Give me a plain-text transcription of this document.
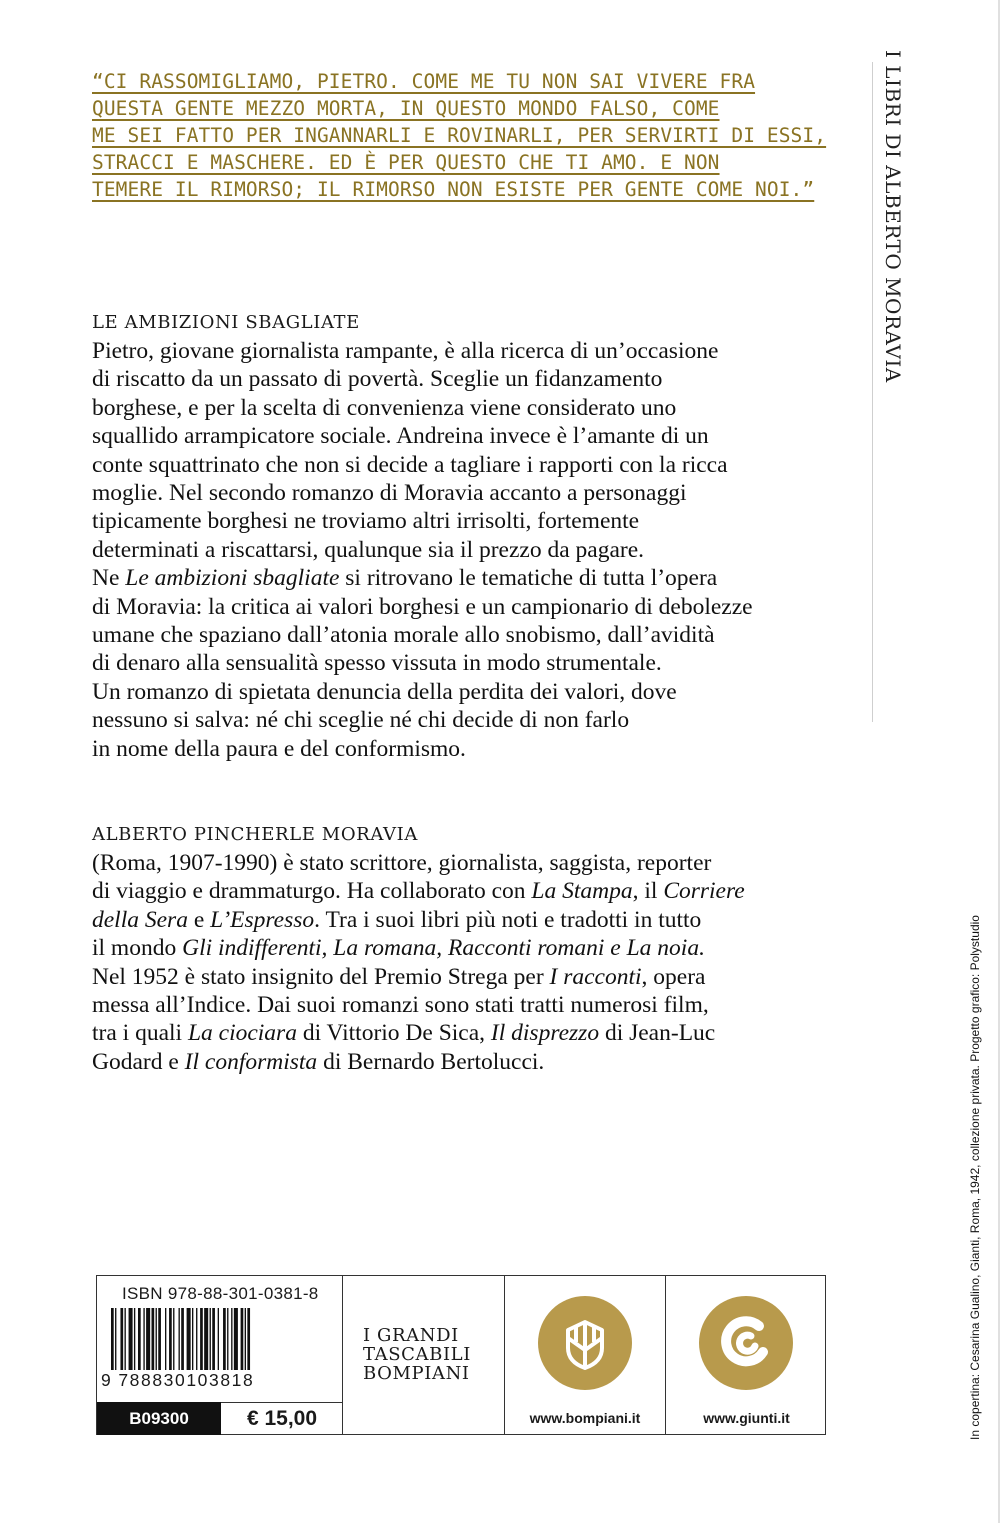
“CI RASSOMIGLIAMO, PIETRO. COME ME TU NON SAI VIVERE FRA
QUESTA GENTE MEZZO MORTA, IN QUESTO MONDO FALSO, COME
ME SEI FATTO PER INGANNARLI E ROVINARLI, PER SERVIRTI DI ESSI,
STRACCI E MASCHERE. ED È PER QUESTO CHE TI AMO. E NON
TEMERE IL RIMORSO; IL RIMORSO NON ESISTE PER GENTE COME NOI.”	I LIBRI DI ALBERTO MORAVIA
LE AMBIZIONI SBAGLIATE
Pietro, giovane giornalista rampante, è alla ricerca di un’occasione
di riscatto da un passato di povertà. Sceglie un fidanzamento
borghese, e per la scelta di convenienza viene considerato uno
squallido arrampicatore sociale. Andreina invece è l’amante di un
conte squattrinato che non si decide a tagliare i rapporti con la ricca
moglie. Nel secondo romanzo di Moravia accanto a personaggi
tipicamente borghesi ne troviamo altri irrisolti, fortemente
determinati a riscattarsi, qualunque sia il prezzo da pagare.
Ne Le ambizioni sbagliate si ritrovano le tematiche di tutta l’opera
di Moravia: la critica ai valori borghesi e un campionario di debolezze
umane che spaziano dall’atonia morale allo snobismo, dall’avidità
di denaro alla sensualità spesso vissuta in modo strumentale.
Un romanzo di spietata denuncia della perdita dei valori, dove
nessuno si salva: né chi sceglie né chi decide di non farlo
in nome della paura e del conformismo.
ALBERTO PINCHERLE MORAVIA
(Roma, 1907-1990) è stato scrittore, giornalista, saggista, reporter
di viaggio e drammaturgo. Ha collaborato con La Stampa, il Corriere
della Sera e L’Espresso. Tra i suoi libri più noti e tradotti in tutto
il mondo Gli indifferenti, La romana, Racconti romani e La noia.
Nel 1952 è stato insignito del Premio Strega per I racconti, opera
messa all’Indice. Dai suoi romanzi sono stati tratti numerosi film,
tra i quali La ciociara di Vittorio De Sica, Il disprezzo di Jean-Luc
Godard e Il conformista di Bernardo Bertolucci.	In copertina: Cesarina Gualino, Gianti, Roma, 1942, collezione privata. Progetto grafico: Polystudio
ISBN 978-88-301-0381-8
9 788830103818
B09300	€ 15,00
I GRANDI
TASCABILI
BOMPIANI
www.bompiani.it	www.giunti.it
